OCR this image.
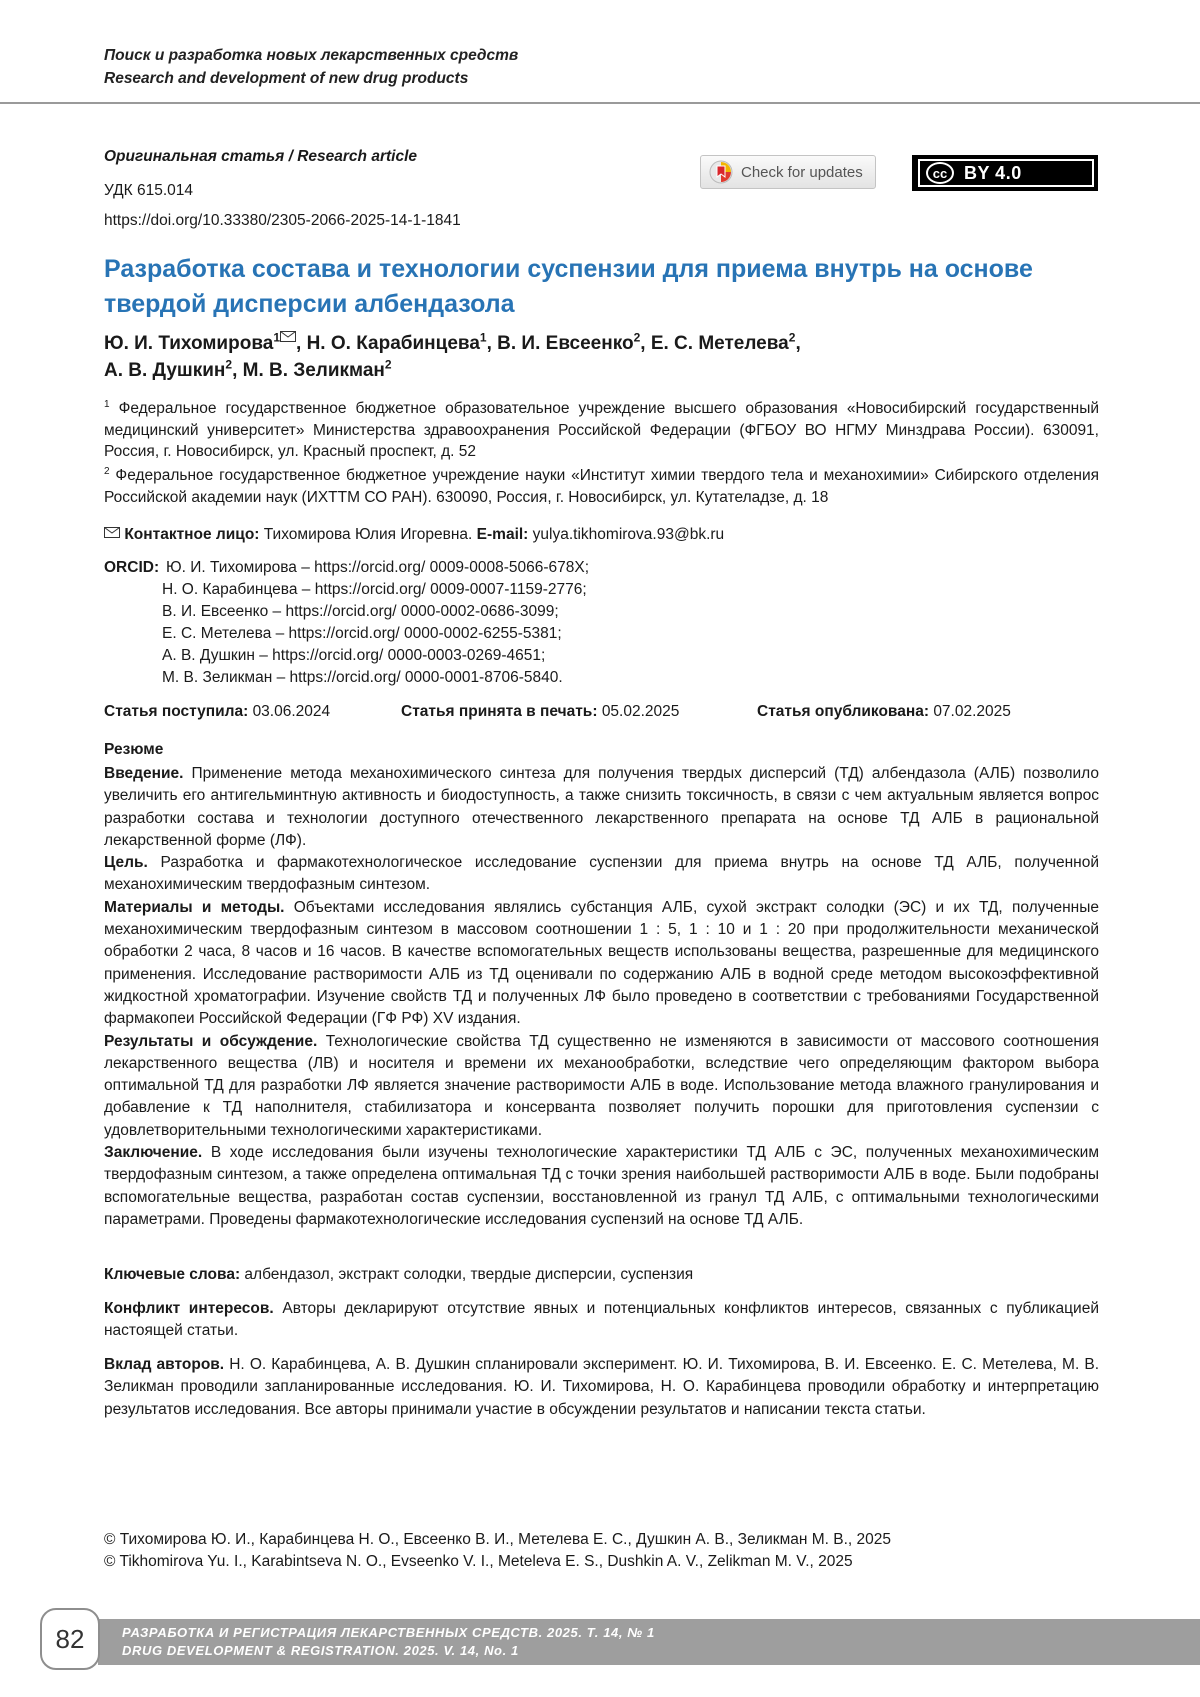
Поиск и разработка новых лекарственных средств
Research and development of new drug products
Оригинальная статья / Research article
УДК 615.014
https://doi.org/10.33380/2305-2066-2025-14-1-1841
Check for updates	cc BY 4.0
Разработка состава и технологии суспензии для приема внутрь на основе твердой дисперсии албендазола
Ю. И. Тихомирова1 , Н. О. Карабинцева1, В. И. Евсеенко2, Е. С. Метелева2,
А. В. Душкин2, М. В. Зеликман2
1 Федеральное государственное бюджетное образовательное учреждение высшего образования «Новосибирский государственный медицинский университет» Министерства здравоохранения Российской Федерации (ФГБОУ ВО НГМУ Минздрава России). 630091, Россия, г. Новосибирск, ул. Красный проспект, д. 52
2 Федеральное государственное бюджетное учреждение науки «Институт химии твердого тела и механохимии» Сибирского отделения Российской академии наук (ИХТТМ СО РАН). 630090, Россия, г. Новосибирск, ул. Кутателадзе, д. 18
Контактное лицо: Тихомирова Юлия Игоревна. E-mail: yulya.tikhomirova.93@bk.ru
ORCID: Ю. И. Тихомирова – https://orcid.org/ 0009-0008-5066-678X;
Н. О. Карабинцева – https://orcid.org/ 0009-0007-1159-2776;
В. И. Евсеенко – https://orcid.org/ 0000-0002-0686-3099;
Е. С. Метелева – https://orcid.org/ 0000-0002-6255-5381;
А. В. Душкин – https://orcid.org/ 0000-0003-0269-4651;
М. В. Зеликман – https://orcid.org/ 0000-0001-8706-5840.
Статья поступила: 03.06.2024	Статья принята в печать: 05.02.2025	Статья опубликована: 07.02.2025
Резюме

Введение. Применение метода механохимического синтеза для получения твердых дисперсий (ТД) албендазола (АЛБ) позволило увеличить его антигельминтную активность и биодоступность, а также снизить токсичность, в связи с чем актуальным является вопрос разработки состава и технологии доступного отечественного лекарственного препарата на основе ТД АЛБ в рациональной лекарственной форме (ЛФ).

Цель. Разработка и фармакотехнологическое исследование суспензии для приема внутрь на основе ТД АЛБ, полученной механохимическим твердофазным синтезом.

Материалы и методы. Объектами исследования являлись субстанция АЛБ, сухой экстракт солодки (ЭС) и их ТД, полученные механохимическим твердофазным синтезом в массовом соотношении 1 : 5, 1 : 10 и 1 : 20 при продолжительности механической обработки 2 часа, 8 часов и 16 часов. В качестве вспомогательных веществ использованы вещества, разрешенные для медицинского применения. Исследование растворимости АЛБ из ТД оценивали по содержанию АЛБ в водной среде методом высокоэффективной жидкостной хроматографии. Изучение свойств ТД и полученных ЛФ было проведено в соответствии с требованиями Государственной фармакопеи Российской Федерации (ГФ РФ) XV издания.

Результаты и обсуждение. Технологические свойства ТД существенно не изменяются в зависимости от массового соотношения лекарственного вещества (ЛВ) и носителя и времени их механообработки, вследствие чего определяющим фактором выбора оптимальной ТД для разработки ЛФ является значение растворимости АЛБ в воде. Использование метода влажного гранулирования и добавление к ТД наполнителя, стабилизатора и консерванта позволяет получить порошки для приготовления суспензии с удовлетворительными технологическими характеристиками.

Заключение. В ходе исследования были изучены технологические характеристики ТД АЛБ с ЭС, полученных механохимическим твердофазным синтезом, а также определена оптимальная ТД с точки зрения наибольшей растворимости АЛБ в воде. Были подобраны вспомогательные вещества, разработан состав суспензии, восстановленной из гранул ТД АЛБ, с оптимальными технологическими параметрами. Проведены фармакотехнологические исследования суспензий на основе ТД АЛБ.

Ключевые слова: албендазол, экстракт солодки, твердые дисперсии, суспензия
Конфликт интересов. Авторы декларируют отсутствие явных и потенциальных конфликтов интересов, связанных с публикацией настоящей статьи.
Вклад авторов. Н. О. Карабинцева, А. В. Душкин спланировали эксперимент. Ю. И. Тихомирова, В. И. Евсеенко. Е. С. Метелева, М. В. Зеликман проводили запланированные исследования. Ю. И. Тихомирова, Н. О. Карабинцева проводили обработку и интерпретацию результатов исследования. Все авторы принимали участие в обсуждении результатов и написании текста статьи.
© Тихомирова Ю. И., Карабинцева Н. О., Евсеенко В. И., Метелева Е. С., Душкин А. В., Зеликман М. В., 2025
© Tikhomirova Yu. I., Karabintseva N. O., Evseenko V. I., Meteleva E. S., Dushkin A. V., Zelikman M. V., 2025
РАЗРАБОТКА И РЕГИСТРАЦИЯ ЛЕКАРСТВЕННЫХ СРЕДСТВ. 2025. Т. 14, № 1
DRUG DEVELOPMENT & REGISTRATION. 2025. V. 14, No. 1
82
